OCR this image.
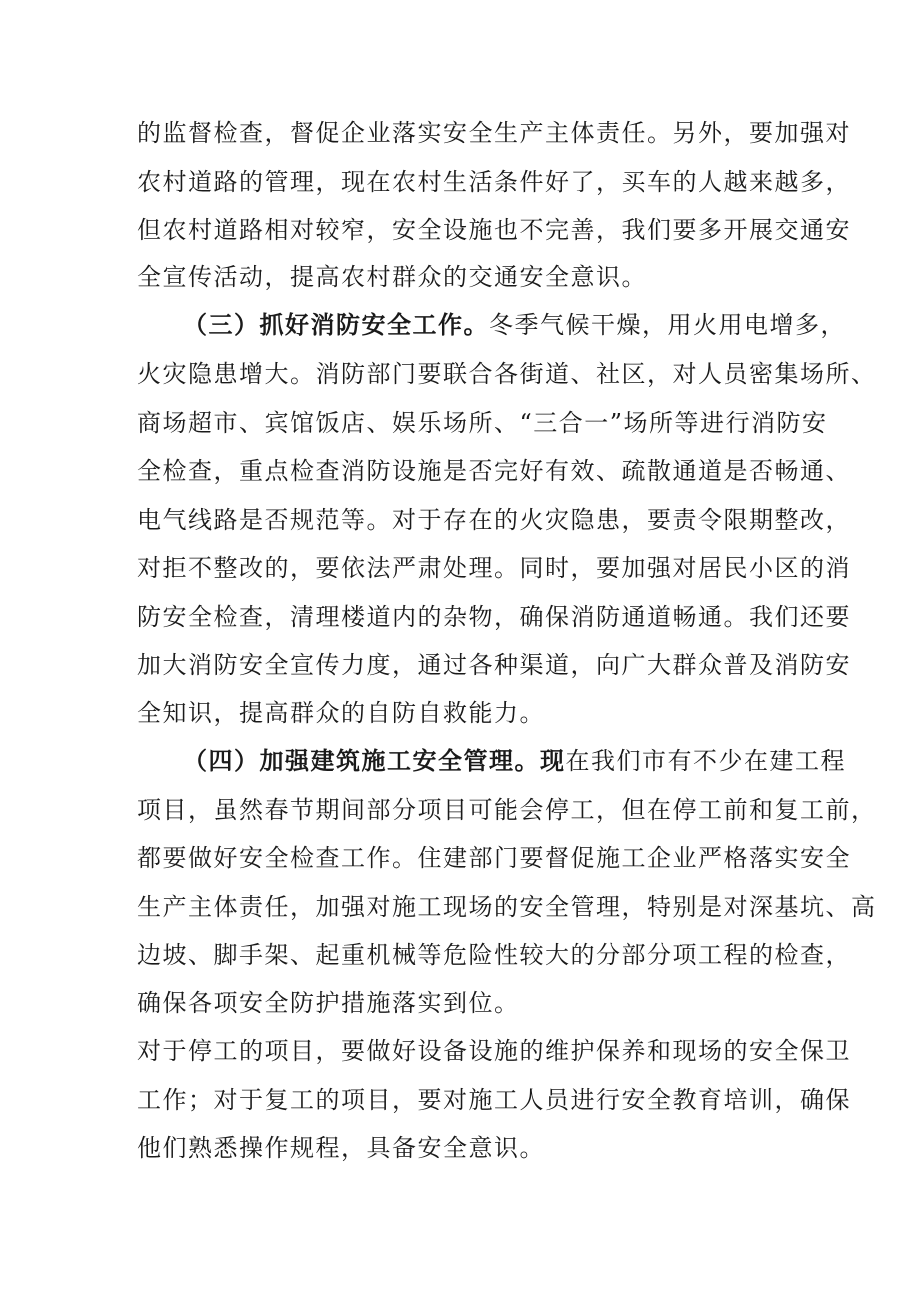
的监督检查，督促企业落实安全生产主体责任。另外，要加强对
农村道路的管理，现在农村生活条件好了，买车的人越来越多，
但农村道路相对较窄，安全设施也不完善，我们要多开展交通安
全宣传活动，提高农村群众的交通安全意识。
（三）抓好消防安全工作。冬季气候干燥，用火用电增多，
火灾隐患增大。消防部门要联合各街道、社区，对人员密集场所、
商场超市、宾馆饭店、娱乐场所、“三合一”场所等进行消防安
全检查，重点检查消防设施是否完好有效、疏散通道是否畅通、
电气线路是否规范等。对于存在的火灾隐患，要责令限期整改，
对拒不整改的，要依法严肃处理。同时，要加强对居民小区的消
防安全检查，清理楼道内的杂物，确保消防通道畅通。我们还要
加大消防安全宣传力度，通过各种渠道，向广大群众普及消防安
全知识，提高群众的自防自救能力。
（四）加强建筑施工安全管理。现在我们市有不少在建工程
项目，虽然春节期间部分项目可能会停工，但在停工前和复工前，
都要做好安全检查工作。住建部门要督促施工企业严格落实安全
生产主体责任，加强对施工现场的安全管理，特别是对深基坑、高
边坡、脚手架、起重机械等危险性较大的分部分项工程的检查，
确保各项安全防护措施落实到位。
对于停工的项目，要做好设备设施的维护保养和现场的安全保卫
工作；对于复工的项目，要对施工人员进行安全教育培训，确保
他们熟悉操作规程，具备安全意识。
